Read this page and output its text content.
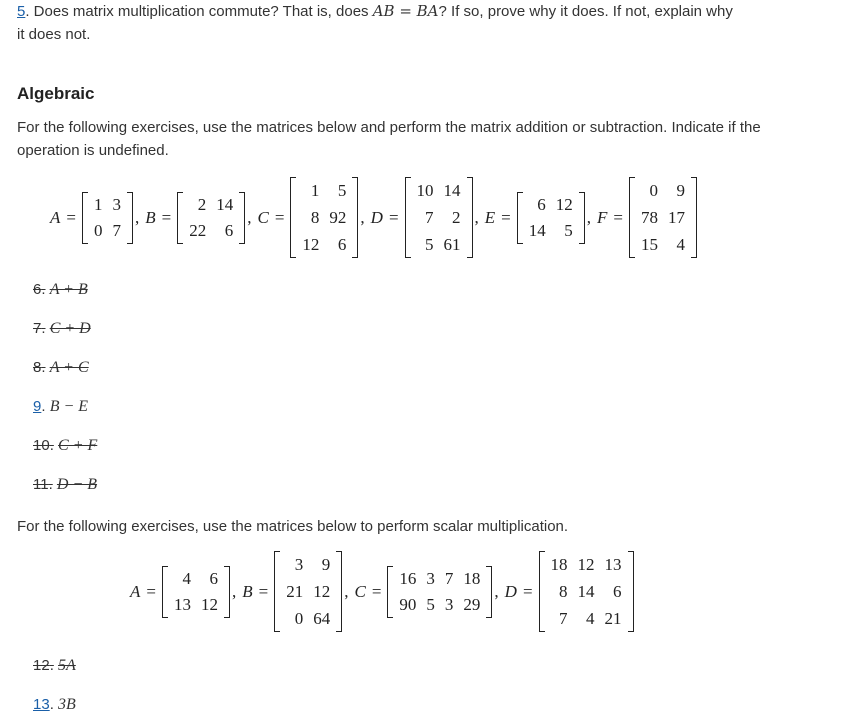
5. Does matrix multiplication commute? That is, does AB = BA? If so, prove why it does. If not, explain why
it does not.

Algebraic

For the following exercises, use the matrices below and perform the matrix addition or subtraction. Indicate if the
operation is undefined.

A =
1	3
0	7
, B =
2	14
22	6
, C =
1	5
8	92
12	6
, D =
10	14
7	2
5	61
, E =
6	12
14	5
, F =
0	9
78	17
15	4
6. A + B
7. C + D
8. A + C
9. B − E
10. C + F
11. D − B

For the following exercises, use the matrices below to perform scalar multiplication.

A =
4	6
13	12
, B =
3	9
21	12
0	64
, C =
16	3	7	18
90	5	3	29
, D =
18	12	13
8	14	6
7	4	21
12. 5A
13. 3B
